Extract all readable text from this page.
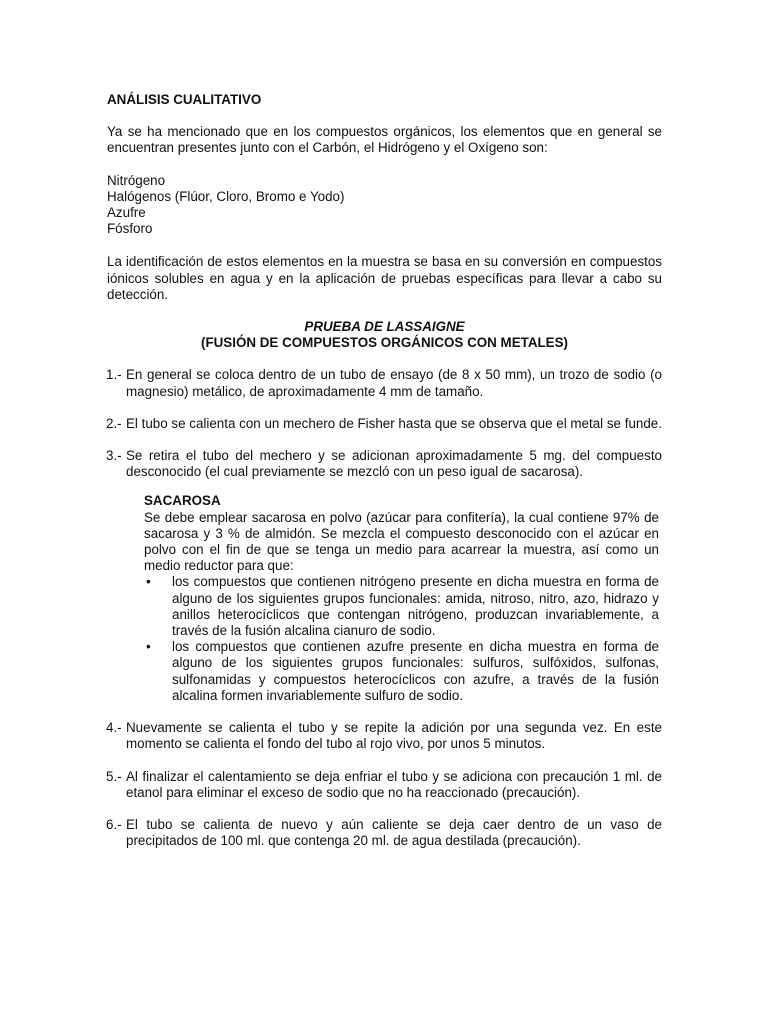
ANÁLISIS CUALITATIVO

Ya se ha mencionado que en los compuestos orgánicos, los elementos que en general se encuentran presentes junto con el Carbón, el Hidrógeno y el Oxígeno son:

Nitrógeno
Halógenos (Flúor, Cloro, Bromo e Yodo)
Azufre
Fósforo

La identificación de estos elementos en la muestra se basa en su conversión en compuestos iónicos solubles en agua y en la aplicación de pruebas específicas para llevar a cabo su detección.

PRUEBA DE LASSAIGNE
(FUSIÓN DE COMPUESTOS ORGÁNICOS CON METALES)
1.- En general se coloca dentro de un tubo de ensayo (de 8 x 50 mm), un trozo de sodio (o magnesio) metálico, de aproximadamente 4 mm de tamaño.
2.- El tubo se calienta con un mechero de Fisher hasta que se observa que el metal se funde.
3.- Se retira el tubo del mechero y se adicionan aproximadamente 5 mg. del compuesto desconocido (el cual previamente se mezcló con un peso igual de sacarosa).
SACAROSA

Se debe emplear sacarosa en polvo (azúcar para confitería), la cual contiene 97% de sacarosa y 3 % de almidón. Se mezcla el compuesto desconocido con el azúcar en polvo con el fin de que se tenga un medio para acarrear la muestra, así como un medio reductor para que:

•	los compuestos que contienen nitrógeno presente en dicha muestra en forma de alguno de los siguientes grupos funcionales: amida, nitroso, nitro, azo, hidrazo y anillos heterocíclicos que contengan nitrógeno, produzcan invariablemente, a través de la fusión alcalina cianuro de sodio.
•	los compuestos que contienen azufre presente en dicha muestra en forma de alguno de los siguientes grupos funcionales: sulfuros, sulfóxidos, sulfonas, sulfonamidas y compuestos heterocíclicos con azufre, a través de la fusión alcalina formen invariablemente sulfuro de sodio.
4.- Nuevamente se calienta el tubo y se repite la adición por una segunda vez. En este momento se calienta el fondo del tubo al rojo vivo, por unos 5 minutos.
5.- Al finalizar el calentamiento se deja enfriar el tubo y se adiciona con precaución 1 ml. de etanol para eliminar el exceso de sodio que no ha reaccionado (precaución).
6.- El tubo se calienta de nuevo y aún caliente se deja caer dentro de un vaso de precipitados de 100 ml. que contenga 20 ml. de agua destilada (precaución).
